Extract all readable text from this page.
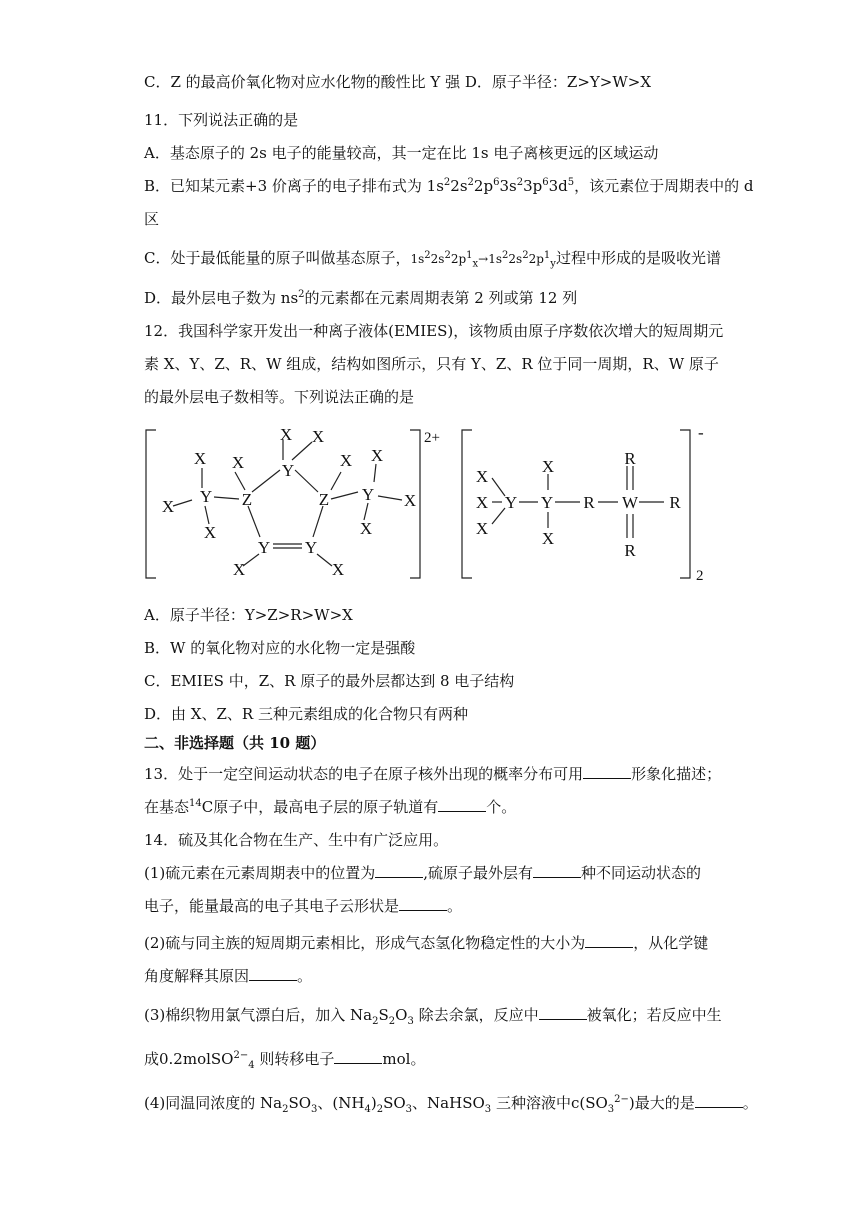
C．Z 的最高价氧化物对应水化物的酸性比 Y 强 D．原子半径：Z>Y>W>X
11．下列说法正确的是
A．基态原子的 2s 电子的能量较高，其一定在比 1s 电子离核更远的区域运动
B．已知某元素+3 价离子的电子排布式为 $1s^22s^22p^63s^23p^63d^5$，该元素位于周期表中的 d
区
C．处于最低能量的原子叫做基态原子，$1s^22s^22p^1_x\to 1s^22s^22p^1_y$过程中形成的是吸收光谱
D．最外层电子数为 $ns^2$的元素都在元素周期表第 2 列或第 12 列
12．我国科学家开发出一种离子液体(EMIES)，该物质由原子序数依次增大的短周期元
素 X、Y、Z、R、W 组成，结构如图所示，只有 Y、Z、R 位于同一周期，R、W 原子
的最外层电子数相等。下列说法正确的是
X X
Y
X X	X X
X
Y Z	Z Y X
X	X
Y Y
X	X
X
X
X
Y
X
Y
X
R
R
W
R
R
2+	-
2
A．原子半径：Y>Z>R>W>X
B．W 的氧化物对应的水化物一定是强酸
C．EMIES 中，Z、R 原子的最外层都达到 8 电子结构
D．由 X、Z、R 三种元素组成的化合物只有两种
二、非选择题（共 10 题）
13．处于一定空间运动状态的电子在原子核外出现的概率分布可用	形象化描述；
在基态$^{14}$C原子中，最高电子层的原子轨道有	个。
14．硫及其化合物在生产、生中有广泛应用。
(1)硫元素在元素周期表中的位置为	,硫原子最外层有	种不同运动状态的
电子，能量最高的电子其电子云形状是	。
(2)硫与同主族的短周期元素相比，形成气态氢化物稳定性的大小为	，从化学键
角度解释其原因	。
(3)棉织物用氯气漂白后，加入 $Na_2S_2O_3$ 除去余氯，反应中	被氧化；若反应中生
成0.2molSO$^{2-}_4$ 则转移电子	mol。
(4)同温同浓度的 $Na_2SO_3$、$(NH_4)_2SO_3$、NaHSO$_3$ 三种溶液中$c(SO_3^{2-})$最大的是	。
